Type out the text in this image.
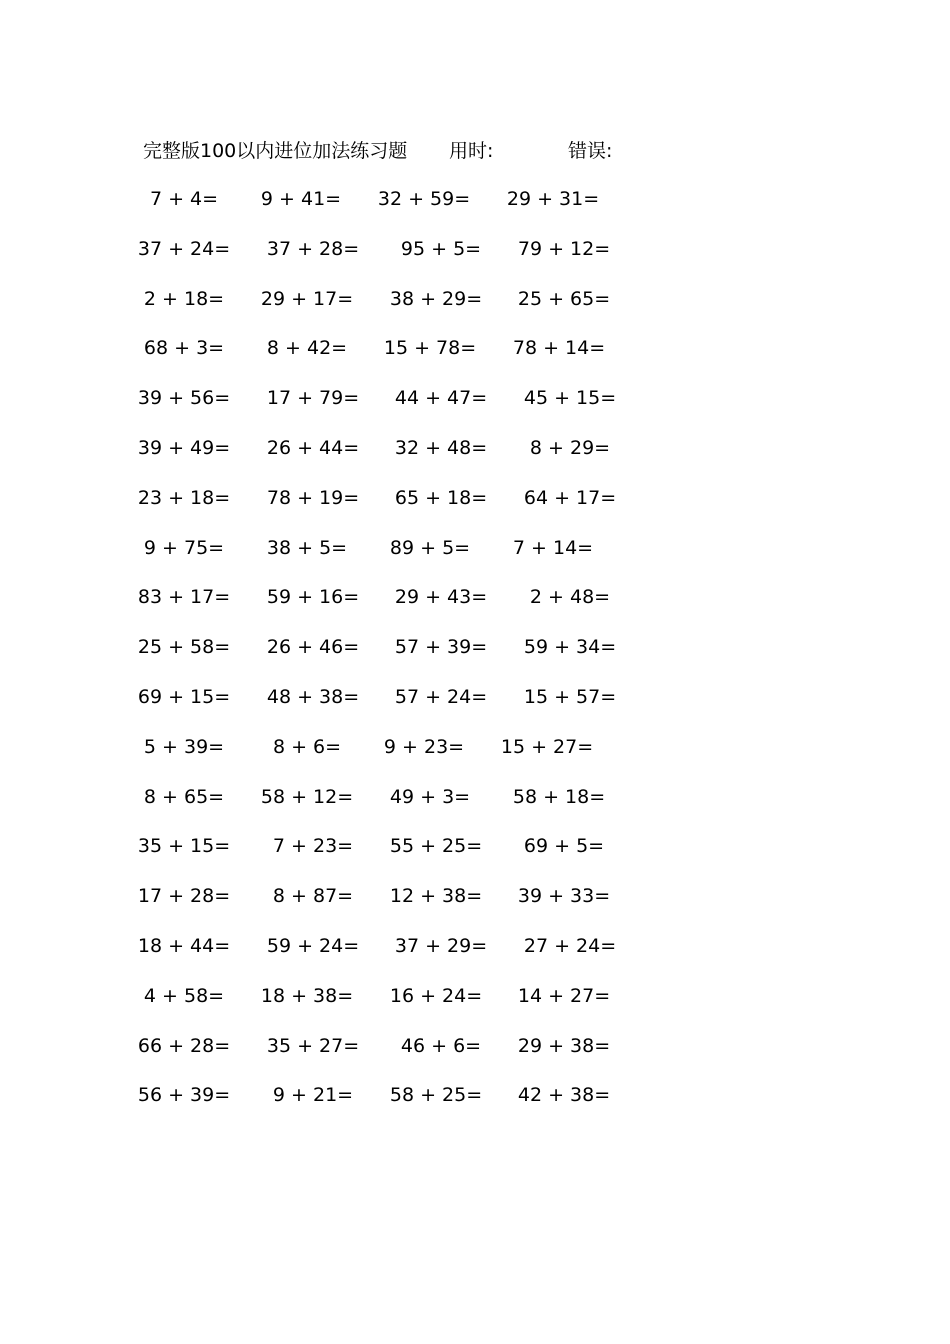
完整版100以内进位加法练习题 用时:	错误:
7 + 4=	9 + 41=	32 + 59= 29 + 31=
37 + 24= 37 + 28=	95 + 5=	79 + 12=
2 + 18=	29 + 17= 38 + 29= 25 + 65=
68 + 3=	8 + 42=	15 + 78= 78 + 14=
39 + 56= 17 + 79= 44 + 47= 45 + 15=
39 + 49= 26 + 44= 32 + 48=	8 + 29=
23 + 18= 78 + 19= 65 + 18= 64 + 17=
9 + 75=	38 + 5=	89 + 5=	7 + 14=
83 + 17= 59 + 16= 29 + 43=	2 + 48=
25 + 58= 26 + 46= 57 + 39= 59 + 34=
69 + 15= 48 + 38= 57 + 24= 15 + 57=
5 + 39=	8 + 6=	9 + 23=	15 + 27=
8 + 65=	58 + 12=	49 + 3=	58 + 18=
35 + 15=	7 + 23=	55 + 25=	69 + 5=
17 + 28=	8 + 87=	12 + 38= 39 + 33=
18 + 44= 59 + 24= 37 + 29= 27 + 24=
4 + 58=	18 + 38= 16 + 24= 14 + 27=
66 + 28= 35 + 27=	46 + 6=	29 + 38=
56 + 39=	9 + 21=	58 + 25= 42 + 38=
